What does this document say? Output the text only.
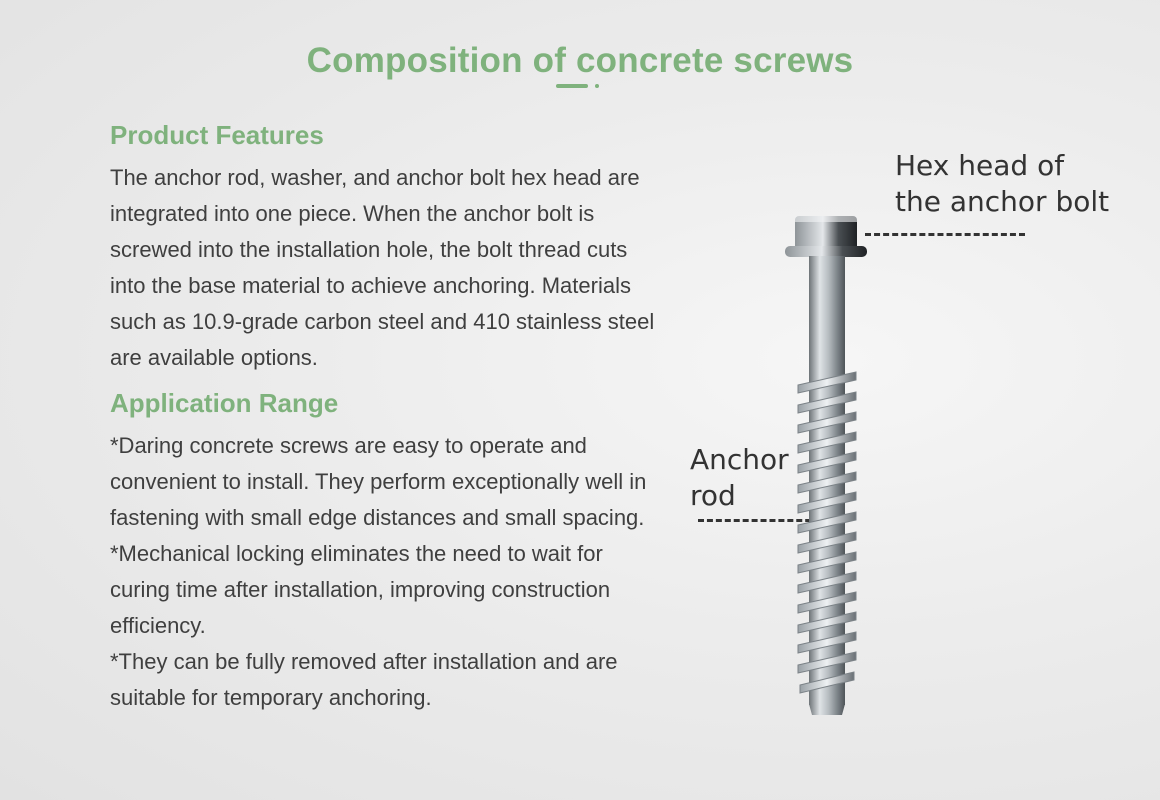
Composition of concrete screws
Product Features

The anchor rod, washer, and anchor bolt hex head are integrated into one piece. When the anchor bolt is screwed into the installation hole, the bolt thread cuts into the base material to achieve anchoring. Materials such as 10.9-grade carbon steel and 410 stainless steel are available options.

Application Range
*Daring concrete screws are easy to operate and convenient to install. They perform exceptionally well in fastening with small edge distances and small spacing.
*Mechanical locking eliminates the need to wait for curing time after installation, improving construction efficiency.
*They can be fully removed after installation and are suitable for temporary anchoring.

Hex head of
the anchor bolt

Anchor
rod
